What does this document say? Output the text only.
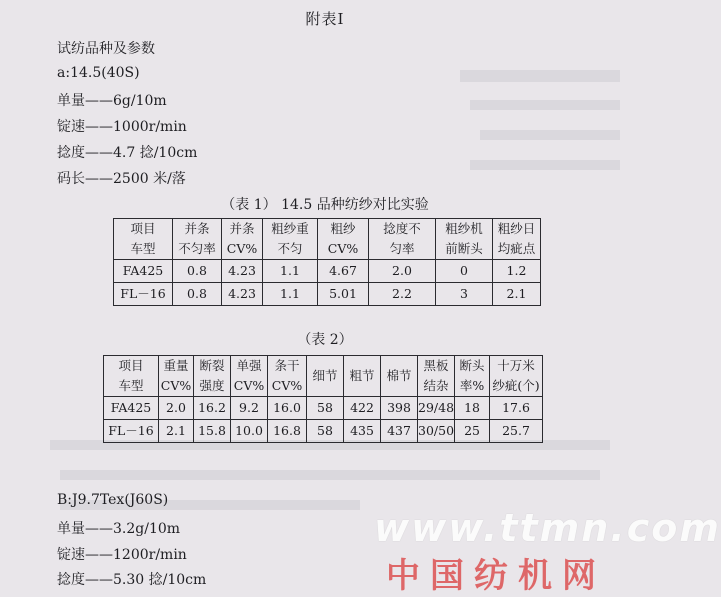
附表Ⅰ
试纺品种及参数
a:14.5(40S)
单量——6g/10m
锭速——1000r/min
捻度——4.7 捻/10cm
码长——2500 米/落
（表 1） 14.5 品种纺纱对比实验
项目	并条	并条	粗纱重	粗纱	捻度不	粗纱机	粗纱日
车型	不匀率	CV%	不匀	CV%	匀率	前断头	均疵点
FA425	0.8	4.23	1.1	4.67	2.0	0	1.2
FL－16	0.8	4.23	1.1	5.01	2.2	3	2.1
（表 2）
项目	重量	断裂	单强	条干	细节	粗节	棉节	黑板	断头	十万米
车型	CV%	强度	CV%	CV%				结杂	率%	纱疵(个)
FA425	2.0	16.2	9.2	16.0	58	422	398	29/48	18	17.6
FL－16	2.1	15.8	10.0	16.8	58	435	437	30/50	25	25.7
B:J9.7Tex(J60S)
单量——3.2g/10m
锭速——1200r/min
捻度——5.30 捻/10cm
www.ttmn.com
中国纺机网
